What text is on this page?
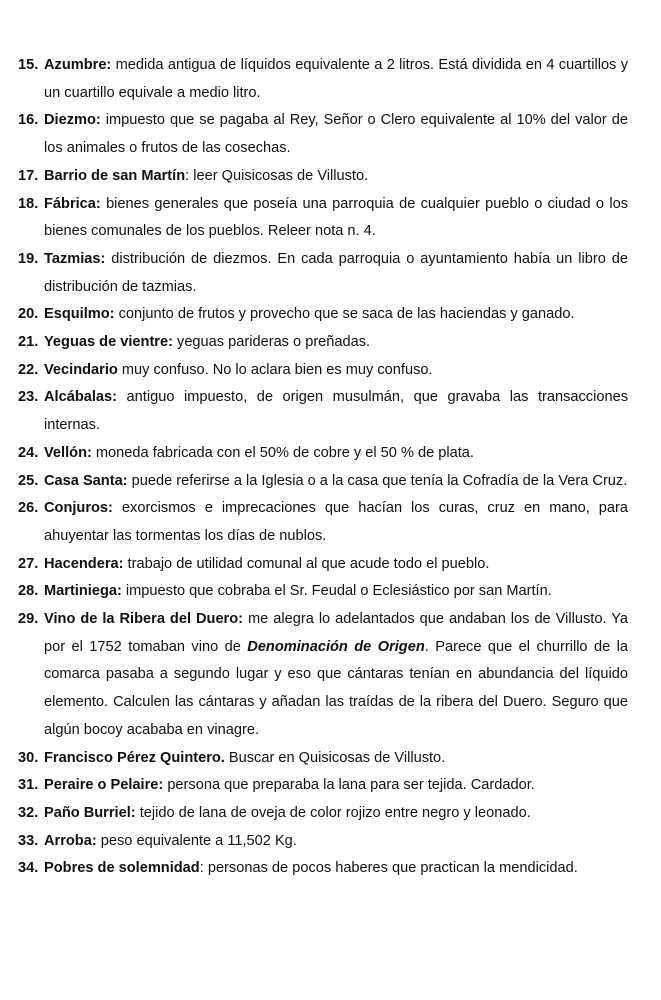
15. Azumbre: medida antigua de líquidos equivalente a 2 litros. Está dividida en 4 cuartillos y un cuartillo equivale a medio litro.
16. Diezmo: impuesto que se pagaba al Rey, Señor o Clero equivalente al 10% del valor de los animales o frutos de las cosechas.
17. Barrio de san Martín: leer Quisicosas de Villusto.
18. Fábrica: bienes generales que poseía una parroquia de cualquier pueblo o ciudad o los bienes comunales de los pueblos. Releer nota n. 4.
19. Tazmias: distribución de diezmos. En cada parroquia o ayuntamiento había un libro de distribución de tazmias.
20. Esquilmo: conjunto de frutos y provecho que se saca de las haciendas y ganado.
21. Yeguas de vientre: yeguas parideras o preñadas.
22. Vecindario muy confuso. No lo aclara bien es muy confuso.
23. Alcábalas: antiguo impuesto, de origen musulmán, que gravaba las transacciones internas.
24. Vellón: moneda fabricada con el 50% de cobre y el 50 % de plata.
25. Casa Santa: puede referirse a la Iglesia o a la casa que tenía la Cofradía de la Vera Cruz.
26. Conjuros: exorcismos e imprecaciones que hacían los curas, cruz en mano, para ahuyentar las tormentas los días de nublos.
27. Hacendera: trabajo de utilidad comunal al que acude todo el pueblo.
28. Martiniega: impuesto que cobraba el Sr. Feudal o Eclesiástico por san Martín.
29. Vino de la Ribera del Duero: me alegra lo adelantados que andaban los de Villusto. Ya por el 1752 tomaban vino de Denominación de Origen. Parece que el churrillo de la comarca pasaba a segundo lugar y eso que cántaras tenían en abundancia del líquido elemento. Calculen las cántaras y añadan las traídas de la ribera del Duero. Seguro que algún bocoy acababa en vinagre.
30. Francisco Pérez Quintero. Buscar en Quisicosas de Villusto.
31. Peraire o Pelaire: persona que preparaba la lana para ser tejida. Cardador.
32. Paño Burriel: tejido de lana de oveja de color rojizo entre negro y leonado.
33. Arroba: peso equivalente a 11,502 Kg.
34. Pobres de solemnidad: personas de pocos haberes que practican la mendicidad.
